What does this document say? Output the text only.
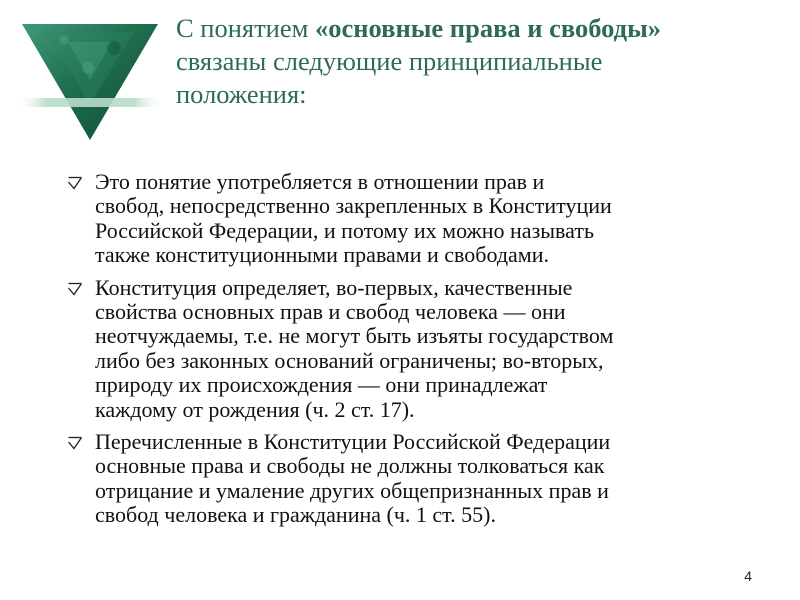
С понятием «основные права и свободы»
связаны следующие принципиальные
положения:
Это понятие употребляется в отношении прав и
свобод, непосредственно закрепленных в Конституции
Российской Федерации, и потому их можно называть
также конституционными правами и свободами.
Конституция определяет, во-первых, качественные
свойства основных прав и свобод человека — они
неотчуждаемы, т.е. не могут быть изъяты государством
либо без законных оснований ограничены; во-вторых,
природу их происхождения — они принадлежат
каждому от рождения (ч. 2 ст. 17).
Перечисленные в Конституции Российской Федерации
основные права и свободы не должны толковаться как
отрицание и умаление других общепризнанных прав и
свобод человека и гражданина (ч. 1 ст. 55).
4
